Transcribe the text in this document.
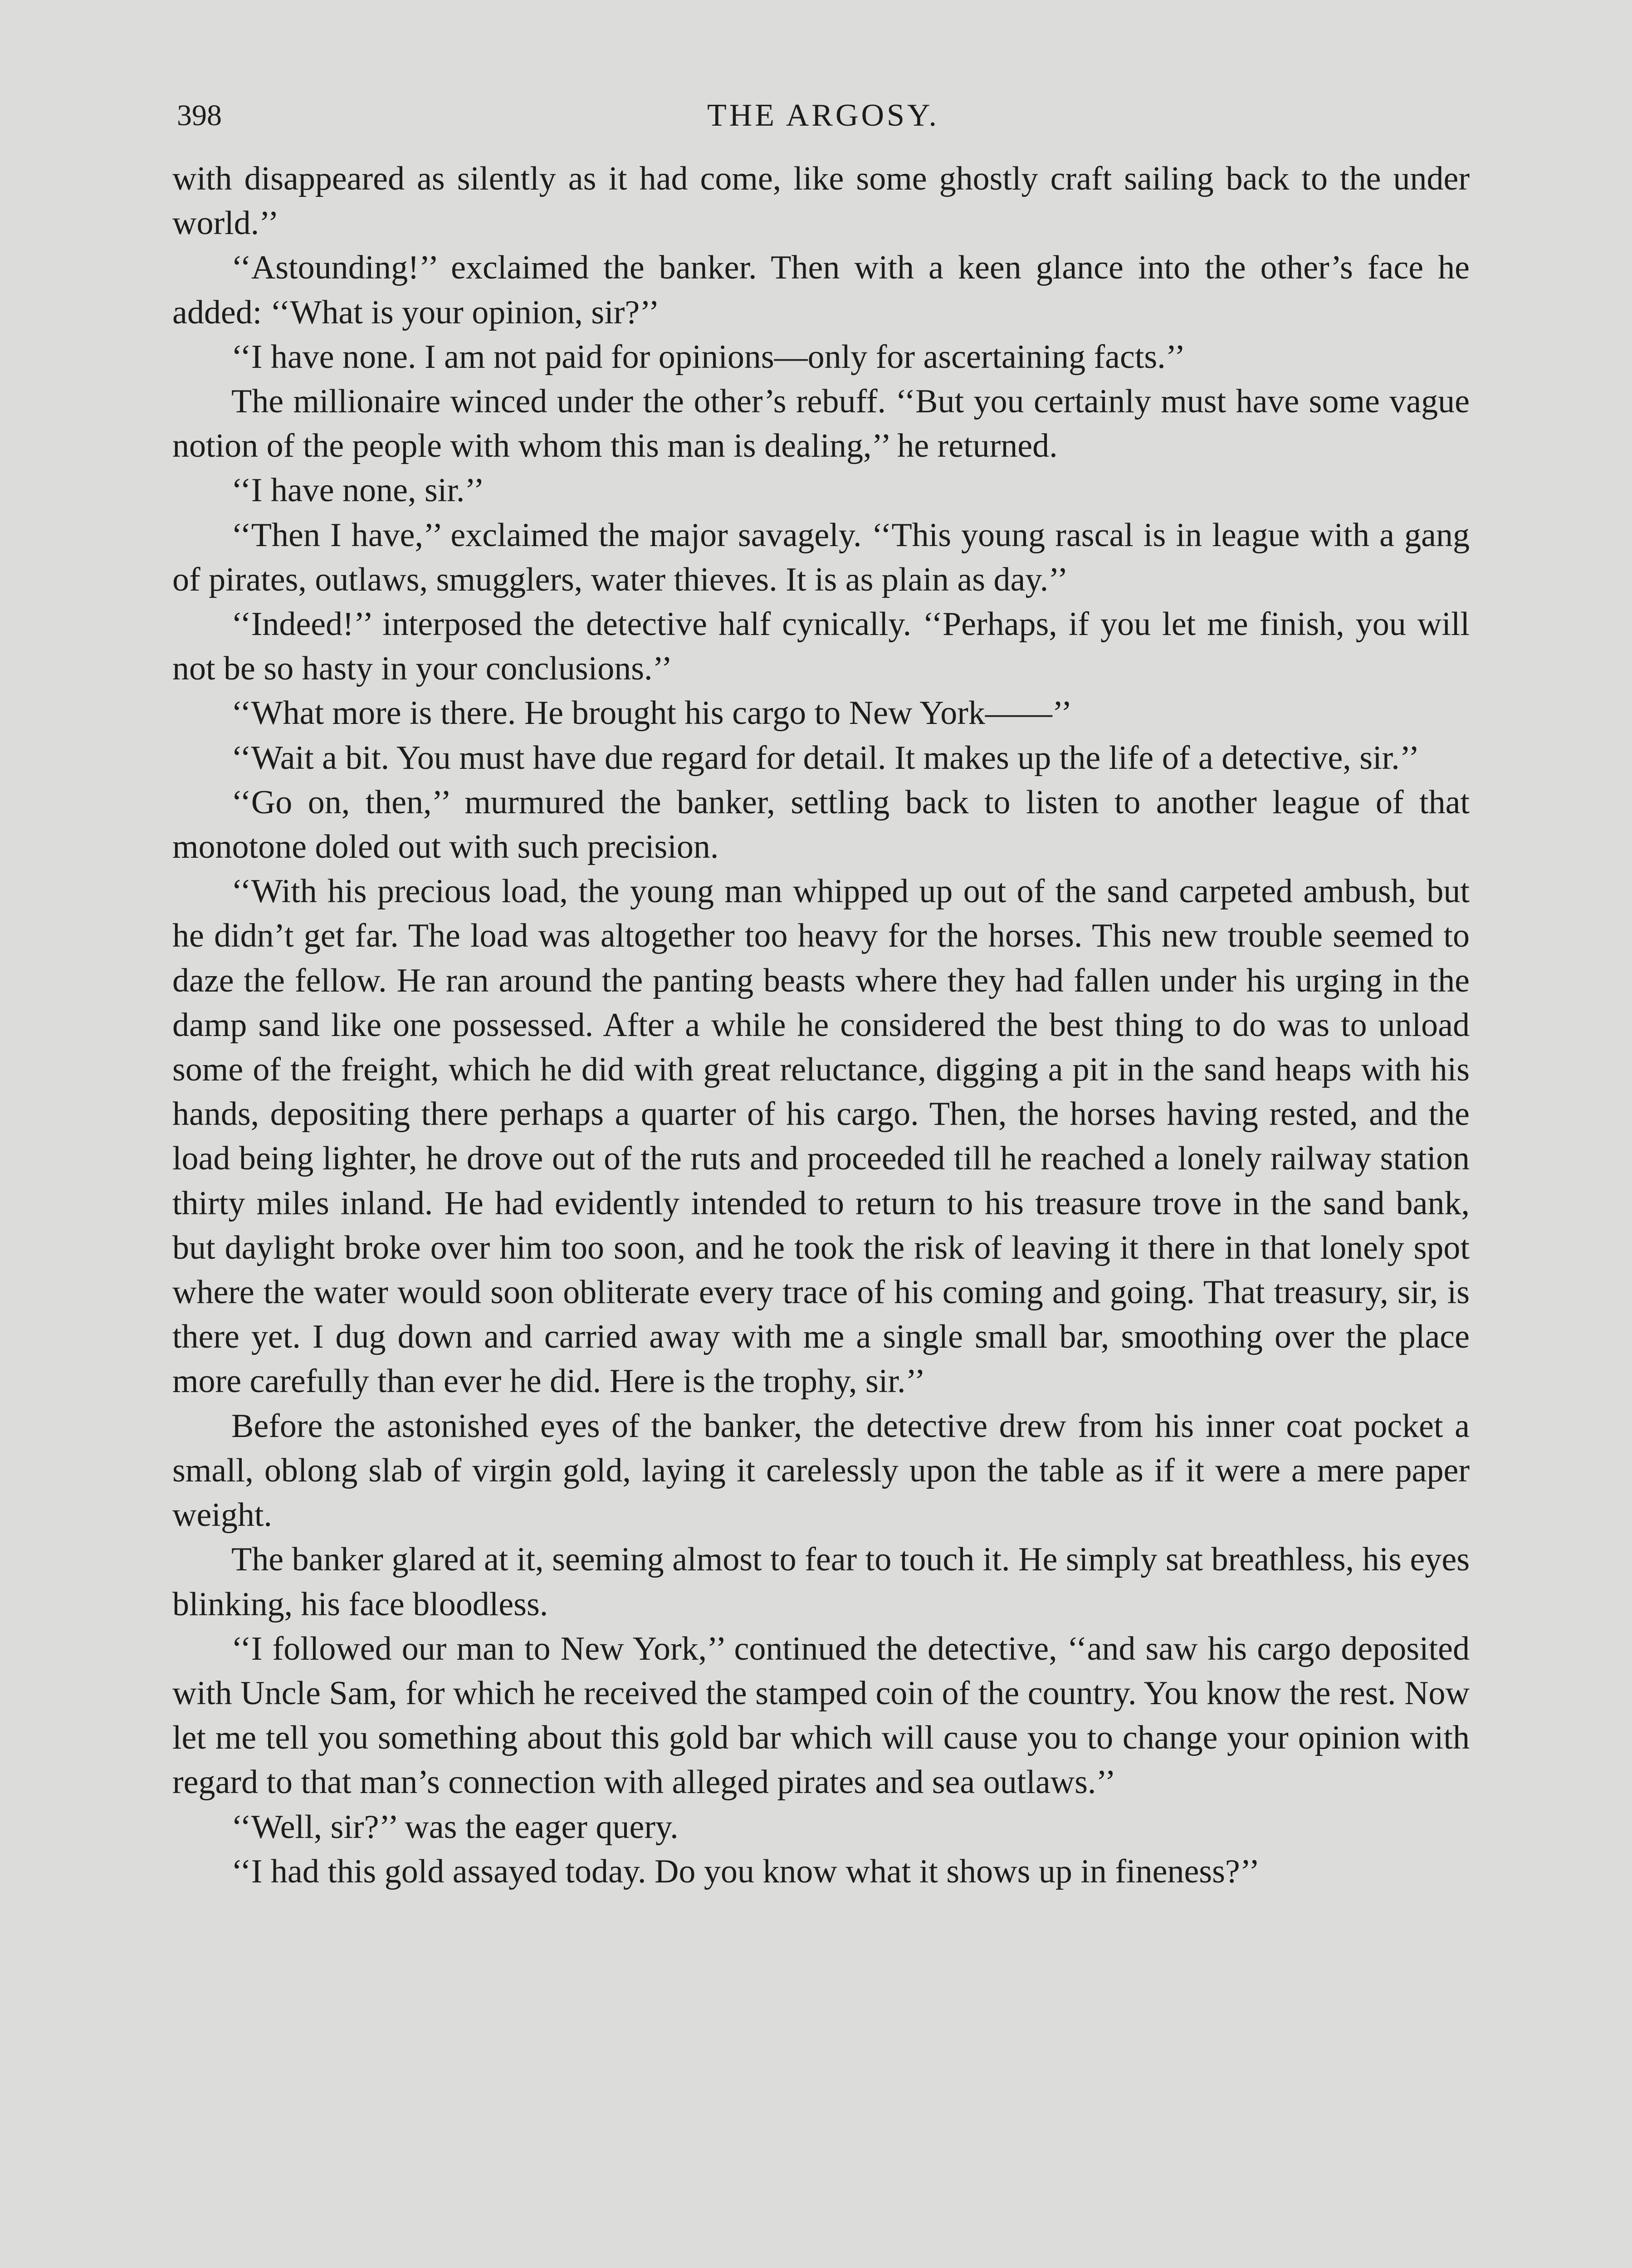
398	THE ARGOSY.

with disappeared as silently as it had come, like some ghostly craft sailing back to the under world.’’

‘‘Astounding!’’ exclaimed the banker. Then with a keen glance into the other’s face he added: ‘‘What is your opinion, sir?’’

‘‘I have none. I am not paid for opinions—only for ascertaining facts.’’

The millionaire winced under the other’s rebuff. ‘‘But you certainly must have some vague notion of the people with whom this man is dealing,’’ he returned.

‘‘I have none, sir.’’

‘‘Then I have,’’ exclaimed the major savagely. ‘‘This young rascal is in league with a gang of pirates, outlaws, smugglers, water thieves. It is as plain as day.’’

‘‘Indeed!’’ interposed the detective half cynically. ‘‘Perhaps, if you let me finish, you will not be so hasty in your conclusions.’’

‘‘What more is there. He brought his cargo to New York——’’

‘‘Wait a bit. You must have due regard for detail. It makes up the life of a detective, sir.’’

‘‘Go on, then,’’ murmured the banker, settling back to listen to another league of that monotone doled out with such precision.

‘‘With his precious load, the young man whipped up out of the sand carpeted ambush, but he didn’t get far. The load was altogether too heavy for the horses. This new trouble seemed to daze the fellow. He ran around the panting beasts where they had fallen under his urging in the damp sand like one possessed. After a while he considered the best thing to do was to unload some of the freight, which he did with great reluctance, digging a pit in the sand heaps with his hands, depositing there perhaps a quarter of his cargo. Then, the horses having rested, and the load being lighter, he drove out of the ruts and proceeded till he reached a lonely railway station thirty miles inland. He had evidently intended to return to his treasure trove in the sand bank, but daylight broke over him too soon, and he took the risk of leaving it there in that lonely spot where the water would soon obliterate every trace of his coming and going. That treasury, sir, is there yet. I dug down and carried away with me a single small bar, smoothing over the place more carefully than ever he did. Here is the trophy, sir.’’

Before the astonished eyes of the banker, the detective drew from his inner coat pocket a small, oblong slab of virgin gold, laying it carelessly upon the table as if it were a mere paper weight.

The banker glared at it, seeming almost to fear to touch it. He simply sat breathless, his eyes blinking, his face bloodless.

‘‘I followed our man to New York,’’ continued the detective, ‘‘and saw his cargo deposited with Uncle Sam, for which he received the stamped coin of the country. You know the rest. Now let me tell you something about this gold bar which will cause you to change your opinion with regard to that man’s connection with alleged pirates and sea outlaws.’’

‘‘Well, sir?’’ was the eager query.

‘‘I had this gold assayed today. Do you know what it shows up in fineness?’’
